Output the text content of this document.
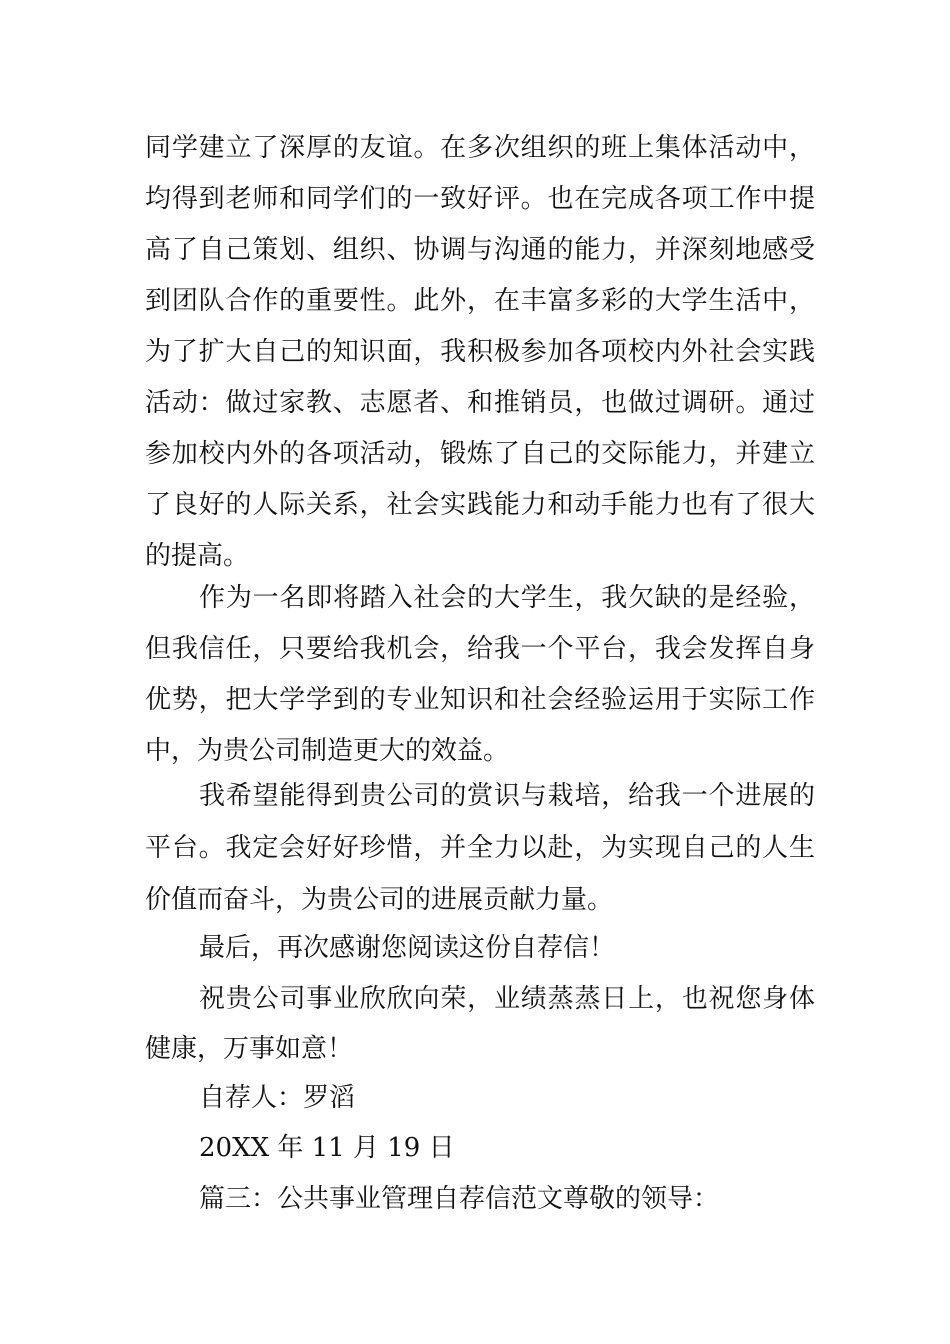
同学建立了深厚的友谊。在多次组织的班上集体活动中，
均得到老师和同学们的一致好评。也在完成各项工作中提
高了自己策划、组织、协调与沟通的能力，并深刻地感受
到团队合作的重要性。此外，在丰富多彩的大学生活中，
为了扩大自己的知识面，我积极参加各项校内外社会实践
活动：做过家教、志愿者、和推销员，也做过调研。通过
参加校内外的各项活动，锻炼了自己的交际能力，并建立
了良好的人际关系，社会实践能力和动手能力也有了很大
的提高。
作为一名即将踏入社会的大学生，我欠缺的是经验，
但我信任，只要给我机会，给我一个平台，我会发挥自身
优势，把大学学到的专业知识和社会经验运用于实际工作
中，为贵公司制造更大的效益。
我希望能得到贵公司的赏识与栽培，给我一个进展的
平台。我定会好好珍惜，并全力以赴，为实现自己的人生
价值而奋斗，为贵公司的进展贡献力量。
最后，再次感谢您阅读这份自荐信！
祝贵公司事业欣欣向荣，业绩蒸蒸日上，也祝您身体
健康，万事如意！
自荐人：罗滔
20XX 年 11 月 19 日
篇三：公共事业管理自荐信范文尊敬的领导：
